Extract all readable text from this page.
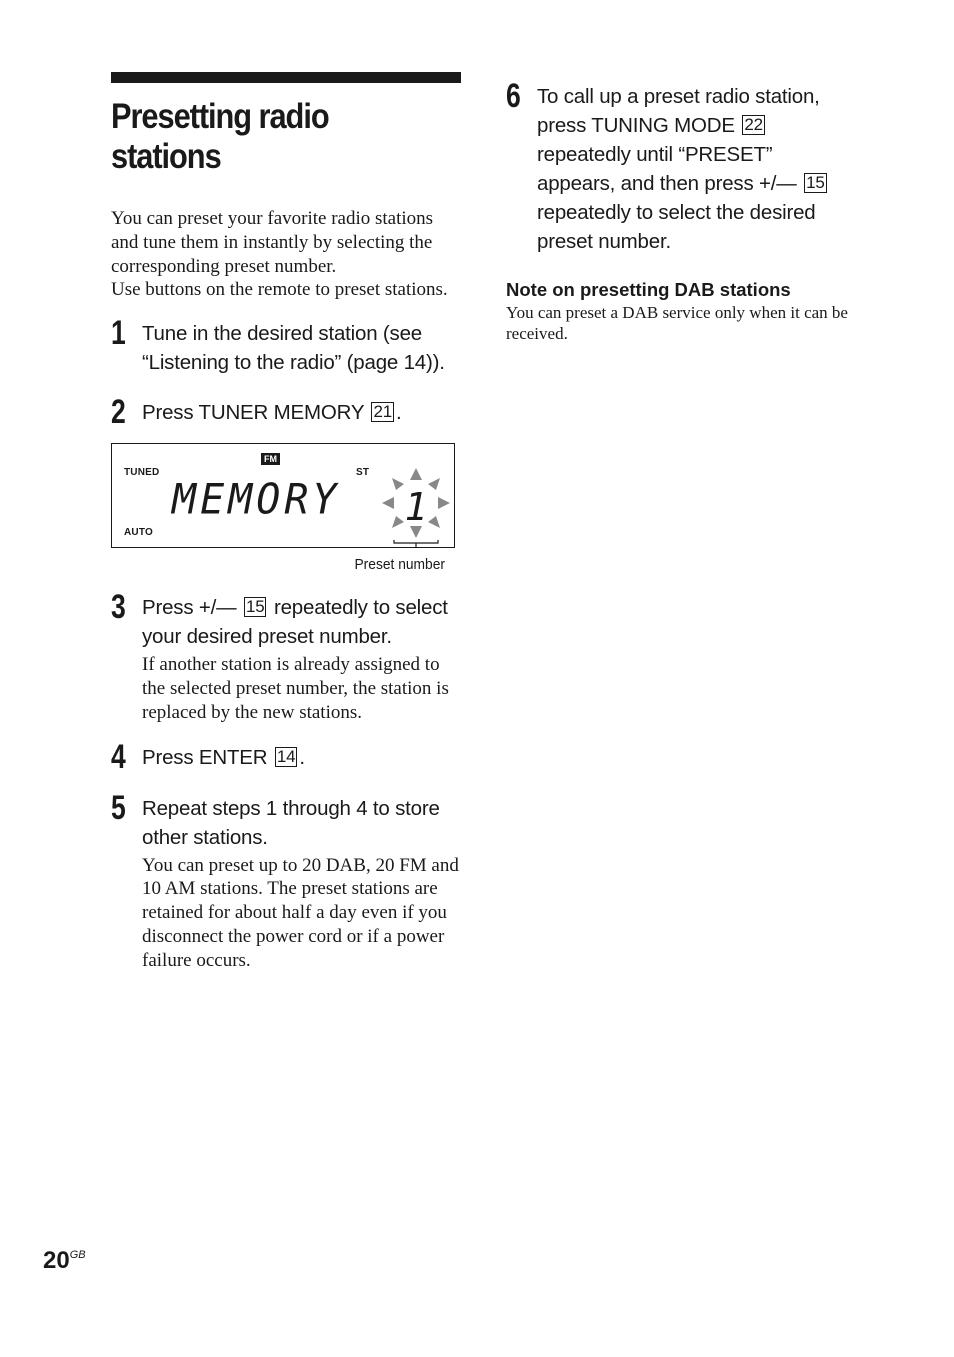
Presetting radio
stations

You can preset your favorite radio stations and tune them in instantly by selecting the corresponding preset number.

Use buttons on the remote to preset stations.

1 Tune in the desired station (see “Listening to the radio” (page 14)).
2 Press TUNER MEMORY 21 .
TUNED
AUTO
FM
ST
MEMORY 1
Preset number
3 Press +/— 15 repeatedly to select your desired preset number.
If another station is already assigned to the selected preset number, the station is replaced by the new stations.
4 Press ENTER 14 .
5 Repeat steps 1 through 4 to store other stations.
You can preset up to 20 DAB, 20 FM and 10 AM stations. The preset stations are retained for about half a day even if you disconnect the power cord or if a power failure occurs.
6 To call up a preset radio station, press TUNING MODE 22 repeatedly until “PRESET” appears, and then press +/— 15 repeatedly to select the desired preset number.
Note on presetting DAB stations
You can preset a DAB service only when it can be received.
$20^{GB}$
